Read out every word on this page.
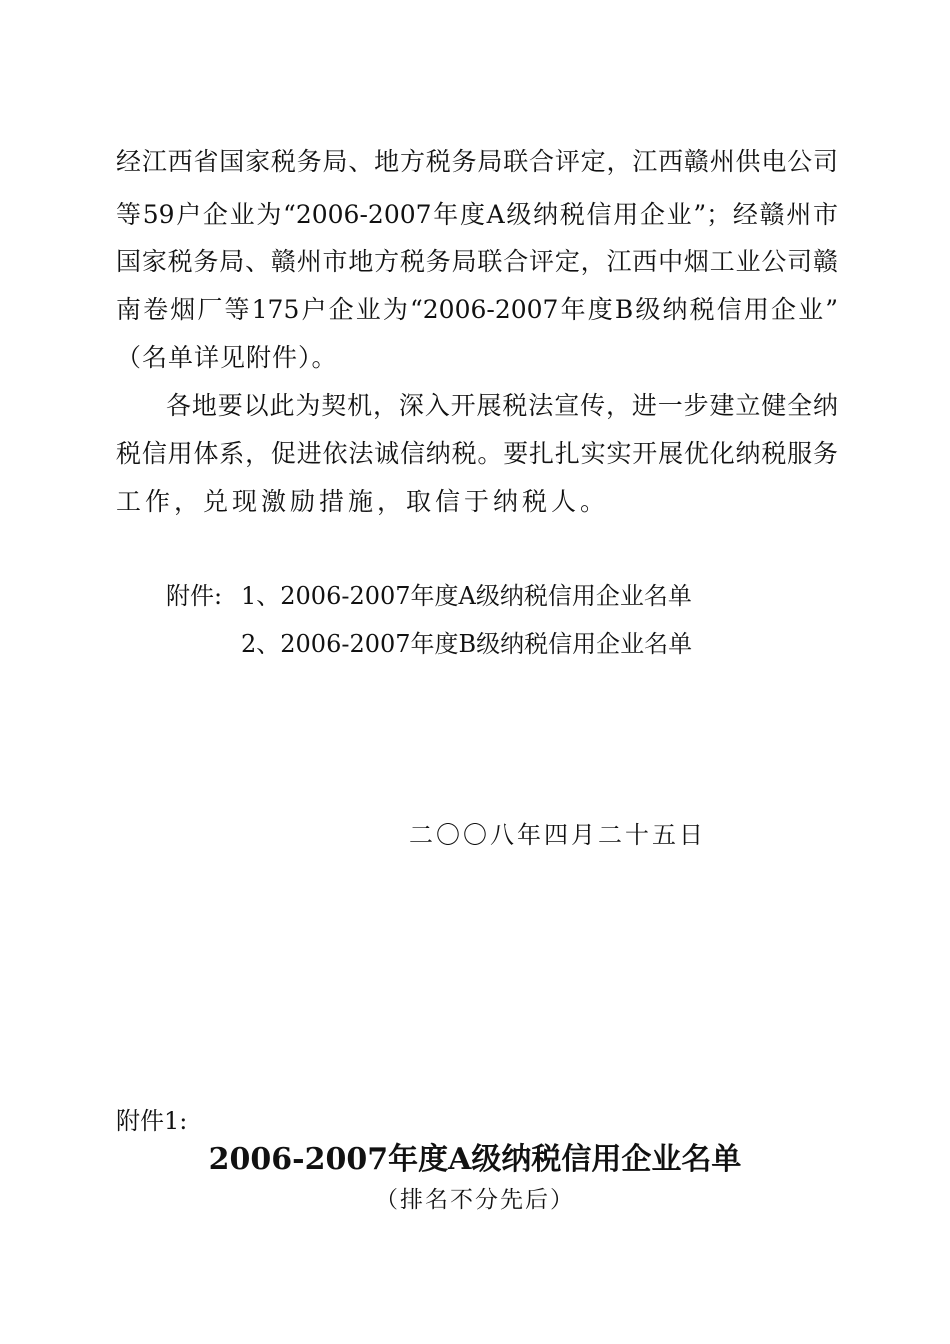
经江西省国家税务局、地方税务局联合评定，江西赣州供电公司
等59户企业为“2006-2007年度A级纳税信用企业”；经赣州市
国家税务局、赣州市地方税务局联合评定，江西中烟工业公司赣
南卷烟厂等175户企业为“2006-2007年度B级纳税信用企业”
（名单详见附件）。
各地要以此为契机，深入开展税法宣传，进一步建立健全纳
税信用体系，促进依法诚信纳税。要扎扎实实开展优化纳税服务
工作，兑现激励措施，取信于纳税人。
附件: 1、2006-2007年度A级纳税信用企业名单
2、2006-2007年度B级纳税信用企业名单
二〇〇八年四月二十五日
附件1:
2006-2007年度A级纳税信用企业名单
（排名不分先后）
